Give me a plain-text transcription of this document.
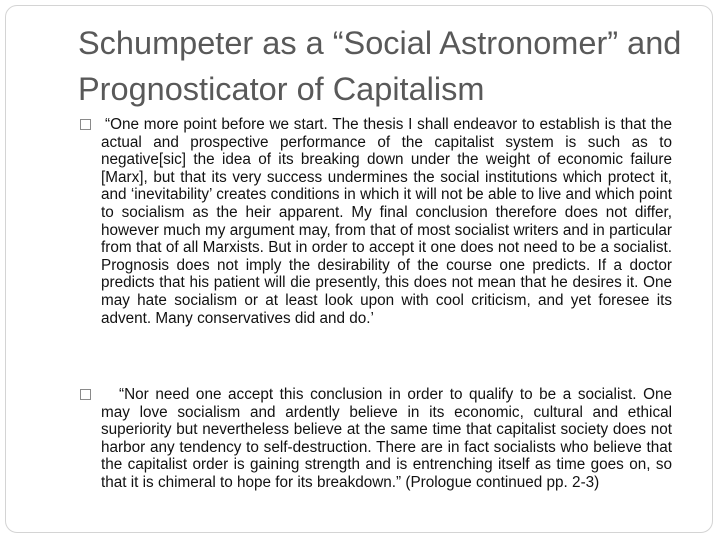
Schumpeter as a “Social Astronomer” and Prognosticator of Capitalism

“One more point before we start. The thesis I shall endeavor to establish is that the actual and prospective performance of the capitalist system is such as to negative[sic] the idea of its breaking down under the weight of economic failure [Marx], but that its very success undermines the social institutions which protect it, and ‘inevitability’ creates conditions in which it will not be able to live and which point to socialism as the heir apparent. My final conclusion therefore does not differ, however much my argument may, from that of most socialist writers and in particular from that of all Marxists. But in order to accept it one does not need to be a socialist. Prognosis does not imply the desirability of the course one predicts. If a doctor predicts that his patient will die presently, this does not mean that he desires it. One may hate socialism or at least look upon with cool criticism, and yet foresee its advent. Many conservatives did and do.’

“Nor need one accept this conclusion in order to qualify to be a socialist. One may love socialism and ardently believe in its economic, cultural and ethical superiority but nevertheless believe at the same time that capitalist society does not harbor any tendency to self-destruction. There are in fact socialists who believe that the capitalist order is gaining strength and is entrenching itself as time goes on, so that it is chimeral to hope for its breakdown.” (Prologue continued pp. 2-3)
